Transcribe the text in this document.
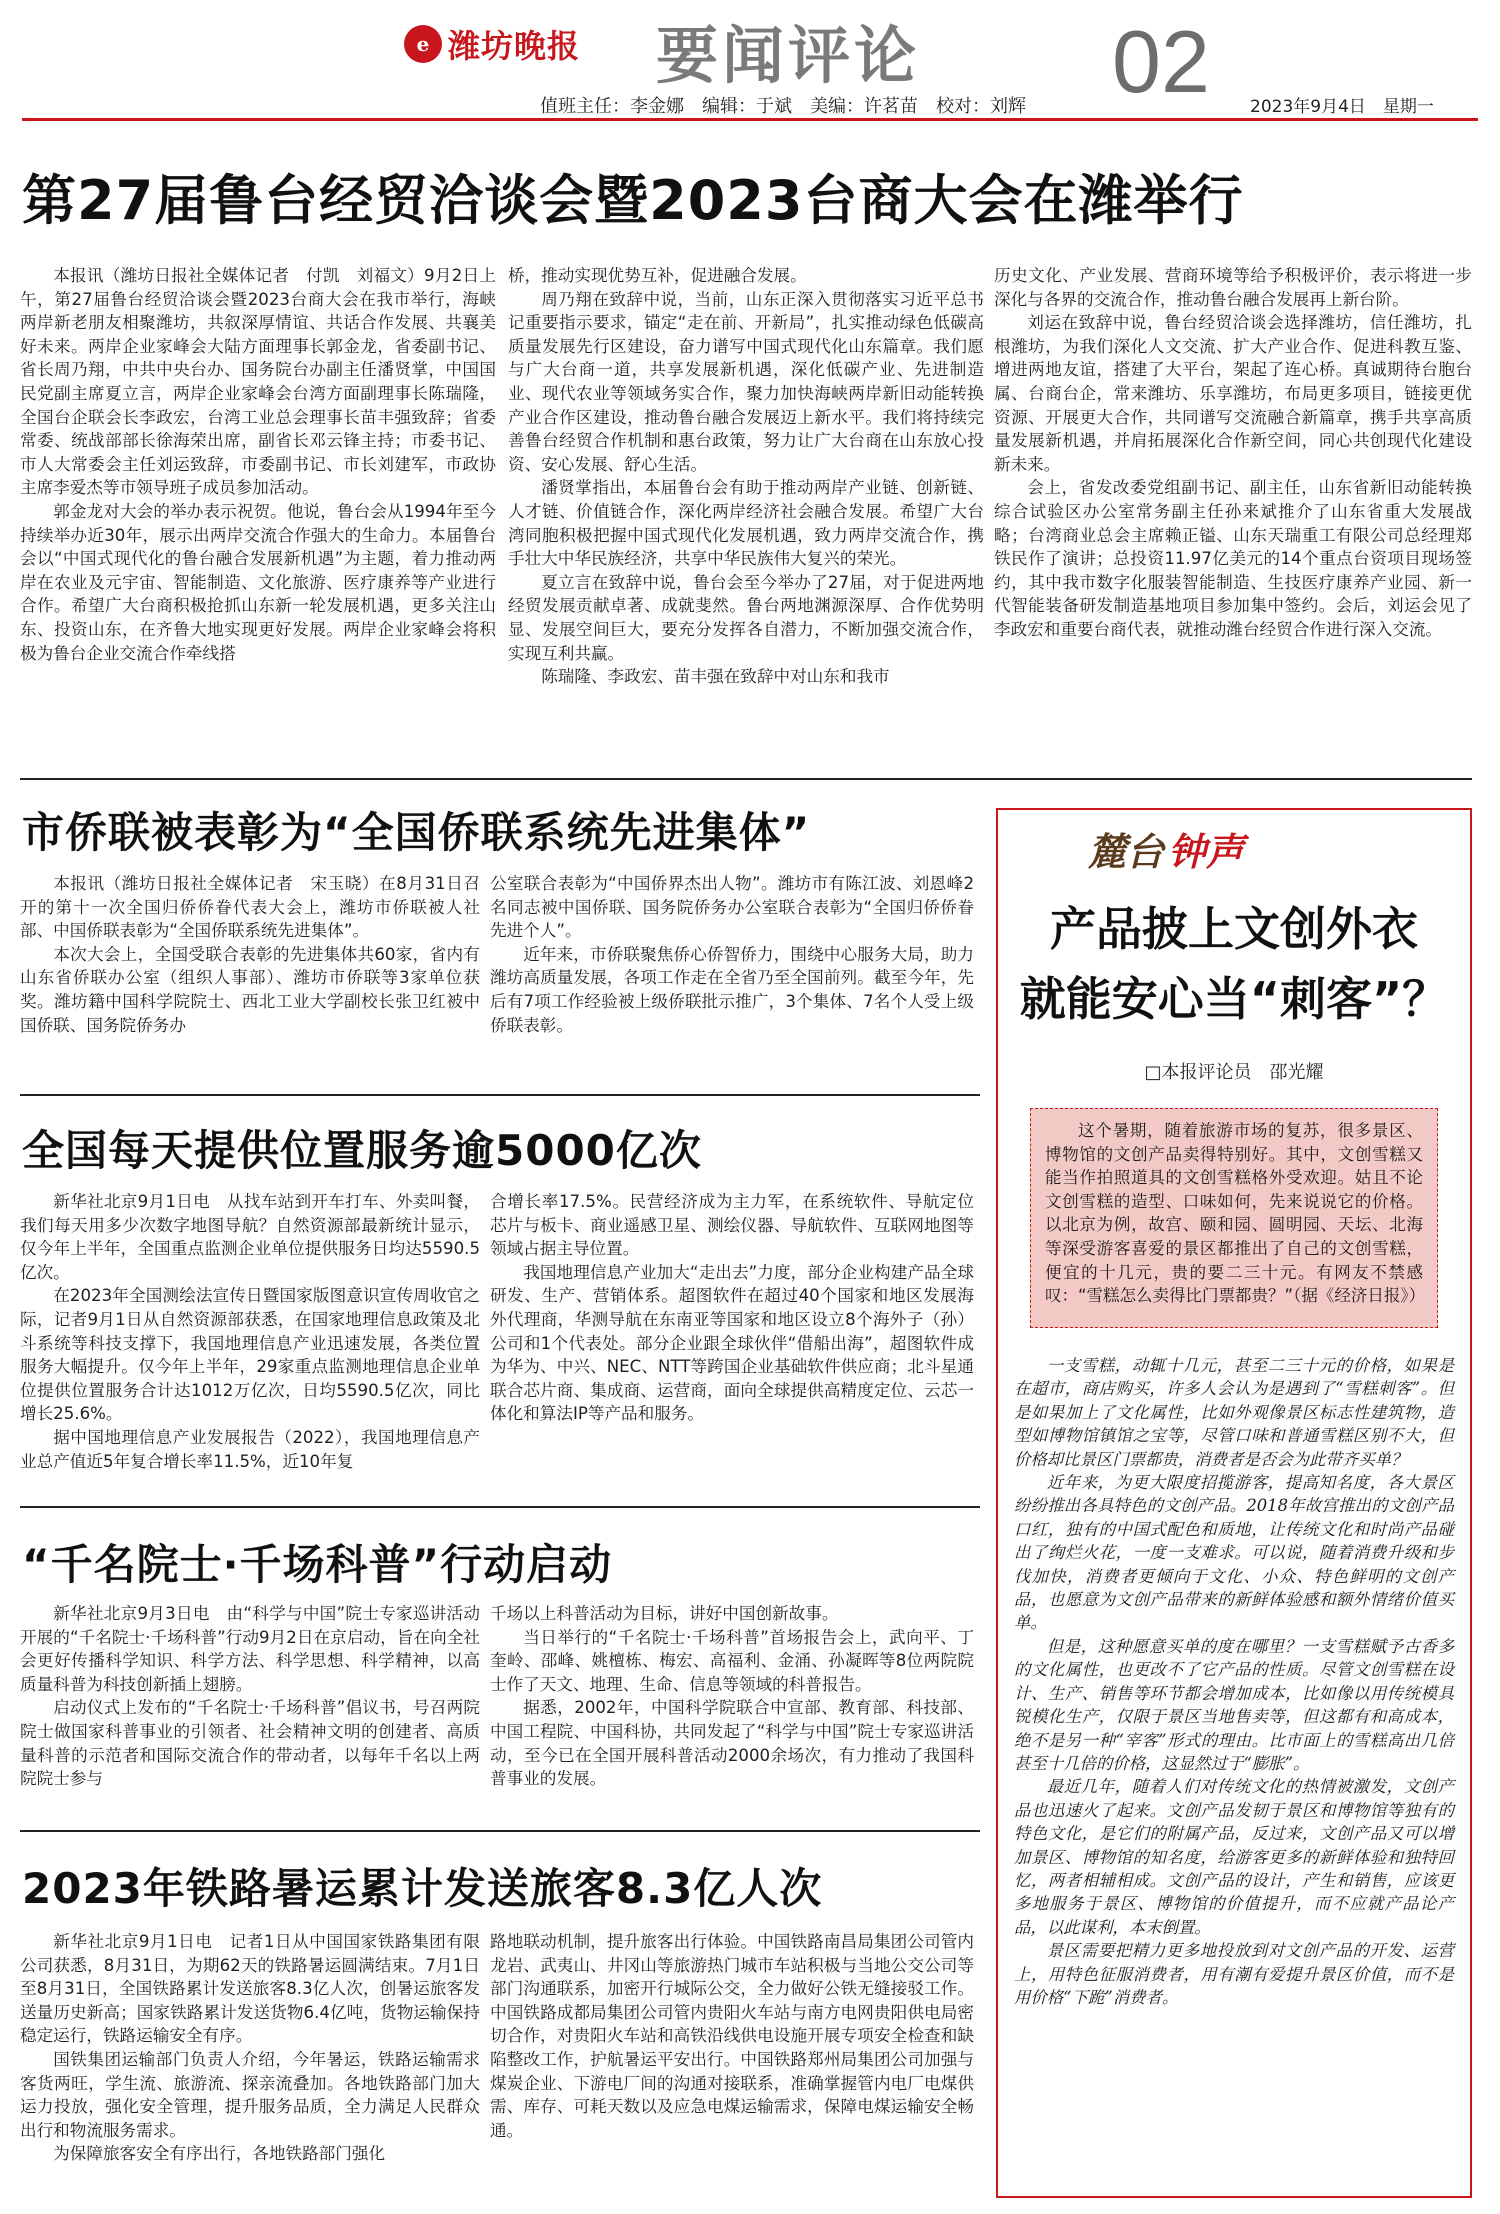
e 潍坊晚报 要闻评论 02
值班主任：李金娜　编辑：于斌　美编：许茗苗　校对：刘辉	2023年9月4日　星期一
第27届鲁台经贸洽谈会暨2023台商大会在潍举行

本报讯（潍坊日报社全媒体记者　付凯　刘福文）9月2日上午，第27届鲁台经贸洽谈会暨2023台商大会在我市举行，海峡两岸新老朋友相聚潍坊，共叙深厚情谊、共话合作发展、共襄美好未来。两岸企业家峰会大陆方面理事长郭金龙，省委副书记、省长周乃翔，中共中央台办、国务院台办副主任潘贤掌，中国国民党副主席夏立言，两岸企业家峰会台湾方面副理事长陈瑞隆，全国台企联会长李政宏，台湾工业总会理事长苗丰强致辞；省委常委、统战部部长徐海荣出席，副省长邓云锋主持；市委书记、市人大常委会主任刘运致辞，市委副书记、市长刘建军，市政协主席李爱杰等市领导班子成员参加活动。

郭金龙对大会的举办表示祝贺。他说，鲁台会从1994年至今持续举办近30年，展示出两岸交流合作强大的生命力。本届鲁台会以“中国式现代化的鲁台融合发展新机遇”为主题，着力推动两岸在农业及元宇宙、智能制造、文化旅游、医疗康养等产业进行合作。希望广大台商积极抢抓山东新一轮发展机遇，更多关注山东、投资山东，在齐鲁大地实现更好发展。两岸企业家峰会将积极为鲁台企业交流合作牵线搭

桥，推动实现优势互补，促进融合发展。

周乃翔在致辞中说，当前，山东正深入贯彻落实习近平总书记重要指示要求，锚定“走在前、开新局”，扎实推动绿色低碳高质量发展先行区建设，奋力谱写中国式现代化山东篇章。我们愿与广大台商一道，共享发展新机遇，深化低碳产业、先进制造业、现代农业等领域务实合作，聚力加快海峡两岸新旧动能转换产业合作区建设，推动鲁台融合发展迈上新水平。我们将持续完善鲁台经贸合作机制和惠台政策，努力让广大台商在山东放心投资、安心发展、舒心生活。

潘贤掌指出，本届鲁台会有助于推动两岸产业链、创新链、人才链、价值链合作，深化两岸经济社会融合发展。希望广大台湾同胞积极把握中国式现代化发展机遇，致力两岸交流合作，携手壮大中华民族经济，共享中华民族伟大复兴的荣光。

夏立言在致辞中说，鲁台会至今举办了27届，对于促进两地经贸发展贡献卓著、成就斐然。鲁台两地渊源深厚、合作优势明显、发展空间巨大，要充分发挥各自潜力，不断加强交流合作，实现互利共赢。

陈瑞隆、李政宏、苗丰强在致辞中对山东和我市

历史文化、产业发展、营商环境等给予积极评价，表示将进一步深化与各界的交流合作，推动鲁台融合发展再上新台阶。

刘运在致辞中说，鲁台经贸洽谈会选择潍坊，信任潍坊，扎根潍坊，为我们深化人文交流、扩大产业合作、促进科教互鉴、增进两地友谊，搭建了大平台，架起了连心桥。真诚期待台胞台属、台商台企，常来潍坊、乐享潍坊，布局更多项目，链接更优资源、开展更大合作，共同谱写交流融合新篇章，携手共享高质量发展新机遇，并肩拓展深化合作新空间，同心共创现代化建设新未来。

会上，省发改委党组副书记、副主任，山东省新旧动能转换综合试验区办公室常务副主任孙来斌推介了山东省重大发展战略；台湾商业总会主席赖正镒、山东天瑞重工有限公司总经理郑铁民作了演讲；总投资11.97亿美元的14个重点台资项目现场签约，其中我市数字化服装智能制造、生技医疗康养产业园、新一代智能装备研发制造基地项目参加集中签约。会后，刘运会见了李政宏和重要台商代表，就推动潍台经贸合作进行深入交流。

市侨联被表彰为“全国侨联系统先进集体”

本报讯（潍坊日报社全媒体记者　宋玉晓）在8月31日召开的第十一次全国归侨侨眷代表大会上，潍坊市侨联被人社部、中国侨联表彰为“全国侨联系统先进集体”。

本次大会上，全国受联合表彰的先进集体共60家，省内有山东省侨联办公室（组织人事部）、潍坊市侨联等3家单位获奖。潍坊籍中国科学院院士、西北工业大学副校长张卫红被中国侨联、国务院侨务办

公室联合表彰为“中国侨界杰出人物”。潍坊市有陈江波、刘恩峰2名同志被中国侨联、国务院侨务办公室联合表彰为“全国归侨侨眷先进个人”。

近年来，市侨联聚焦侨心侨智侨力，围绕中心服务大局，助力潍坊高质量发展，各项工作走在全省乃至全国前列。截至今年，先后有7项工作经验被上级侨联批示推广，3个集体、7名个人受上级侨联表彰。

全国每天提供位置服务逾5000亿次

新华社北京9月1日电　从找车站到开车打车、外卖叫餐，我们每天用多少次数字地图导航？自然资源部最新统计显示，仅今年上半年，全国重点监测企业单位提供服务日均达5590.5亿次。

在2023年全国测绘法宣传日暨国家版图意识宣传周收官之际，记者9月1日从自然资源部获悉，在国家地理信息政策及北斗系统等科技支撑下，我国地理信息产业迅速发展，各类位置服务大幅提升。仅今年上半年，29家重点监测地理信息企业单位提供位置服务合计达1012万亿次，日均5590.5亿次，同比增长25.6%。

据中国地理信息产业发展报告（2022），我国地理信息产业总产值近5年复合增长率11.5%，近10年复

合增长率17.5%。民营经济成为主力军，在系统软件、导航定位芯片与板卡、商业遥感卫星、测绘仪器、导航软件、互联网地图等领域占据主导位置。

我国地理信息产业加大“走出去”力度，部分企业构建产品全球研发、生产、营销体系。超图软件在超过40个国家和地区发展海外代理商，华测导航在东南亚等国家和地区设立8个海外子（孙）公司和1个代表处。部分企业跟全球伙伴“借船出海”，超图软件成为华为、中兴、NEC、NTT等跨国企业基础软件供应商；北斗星通联合芯片商、集成商、运营商，面向全球提供高精度定位、云芯一体化和算法IP等产品和服务。

“千名院士·千场科普”行动启动

新华社北京9月3日电　由“科学与中国”院士专家巡讲活动开展的“千名院士·千场科普”行动9月2日在京启动，旨在向全社会更好传播科学知识、科学方法、科学思想、科学精神，以高质量科普为科技创新插上翅膀。

启动仪式上发布的“千名院士·千场科普”倡议书，号召两院院士做国家科普事业的引领者、社会精神文明的创建者、高质量科普的示范者和国际交流合作的带动者，以每年千名以上两院院士参与

千场以上科普活动为目标，讲好中国创新故事。

当日举行的“千名院士·千场科普”首场报告会上，武向平、丁奎岭、邵峰、姚檀栋、梅宏、高福利、金涌、孙凝晖等8位两院院士作了天文、地理、生命、信息等领域的科普报告。

据悉，2002年，中国科学院联合中宣部、教育部、科技部、中国工程院、中国科协，共同发起了“科学与中国”院士专家巡讲活动，至今已在全国开展科普活动2000余场次，有力推动了我国科普事业的发展。

2023年铁路暑运累计发送旅客8.3亿人次

新华社北京9月1日电　记者1日从中国国家铁路集团有限公司获悉，8月31日，为期62天的铁路暑运圆满结束。7月1日至8月31日，全国铁路累计发送旅客8.3亿人次，创暑运旅客发送量历史新高；国家铁路累计发送货物6.4亿吨，货物运输保持稳定运行，铁路运输安全有序。

国铁集团运输部门负责人介绍，今年暑运，铁路运输需求客货两旺，学生流、旅游流、探亲流叠加。各地铁路部门加大运力投放，强化安全管理，提升服务品质，全力满足人民群众出行和物流服务需求。

为保障旅客安全有序出行，各地铁路部门强化

路地联动机制，提升旅客出行体验。中国铁路南昌局集团公司管内龙岩、武夷山、井冈山等旅游热门城市车站积极与当地公交公司等部门沟通联系，加密开行城际公交，全力做好公铁无缝接驳工作。中国铁路成都局集团公司管内贵阳火车站与南方电网贵阳供电局密切合作，对贵阳火车站和高铁沿线供电设施开展专项安全检查和缺陷整改工作，护航暑运平安出行。中国铁路郑州局集团公司加强与煤炭企业、下游电厂间的沟通对接联系，准确掌握管内电厂电煤供需、库存、可耗天数以及应急电煤运输需求，保障电煤运输安全畅通。

麓台 钟声
产品披上文创外衣
就能安心当“刺客”？
□本报评论员　邵光耀

这个暑期，随着旅游市场的复苏，很多景区、博物馆的文创产品卖得特别好。其中，文创雪糕又能当作拍照道具的文创雪糕格外受欢迎。姑且不论文创雪糕的造型、口味如何，先来说说它的价格。以北京为例，故宫、颐和园、圆明园、天坛、北海等深受游客喜爱的景区都推出了自己的文创雪糕，便宜的十几元，贵的要二三十元。有网友不禁感叹：“雪糕怎么卖得比门票都贵？”（据《经济日报》）

一支雪糕，动辄十几元，甚至二三十元的价格，如果是在超市，商店购买，许多人会认为是遇到了“雪糕刺客”。但是如果加上了文化属性，比如外观像景区标志性建筑物，造型如博物馆镇馆之宝等，尽管口味和普通雪糕区别不大，但价格却比景区门票都贵，消费者是否会为此带齐买单？

近年来，为更大限度招揽游客，提高知名度，各大景区纷纷推出各具特色的文创产品。2018年故宫推出的文创产品口红，独有的中国式配色和质地，让传统文化和时尚产品碰出了绚烂火花，一度一支难求。可以说，随着消费升级和步伐加快，消费者更倾向于文化、小众、特色鲜明的文创产品，也愿意为文创产品带来的新鲜体验感和额外情绪价值买单。

但是，这种愿意买单的度在哪里？一支雪糕赋予古香多的文化属性，也更改不了它产品的性质。尽管文创雪糕在设计、生产、销售等环节都会增加成本，比如像以用传统模具锐模化生产，仅限于景区当地售卖等，但这都有和高成本，绝不是另一种“宰客”形式的理由。比市面上的雪糕高出几倍甚至十几倍的价格，这显然过于“膨胀”。

最近几年，随着人们对传统文化的热情被激发，文创产品也迅速火了起来。文创产品发韧于景区和博物馆等独有的特色文化，是它们的附属产品，反过来，文创产品又可以增加景区、博物馆的知名度，给游客更多的新鲜体验和独特回忆，两者相辅相成。文创产品的设计，产生和销售，应该更多地服务于景区、博物馆的价值提升，而不应就产品论产品，以此谋利，本末倒置。

景区需要把精力更多地投放到对文创产品的开发、运营上，用特色征服消费者，用有潮有爱提升景区价值，而不是用价格“下跪”消费者。
